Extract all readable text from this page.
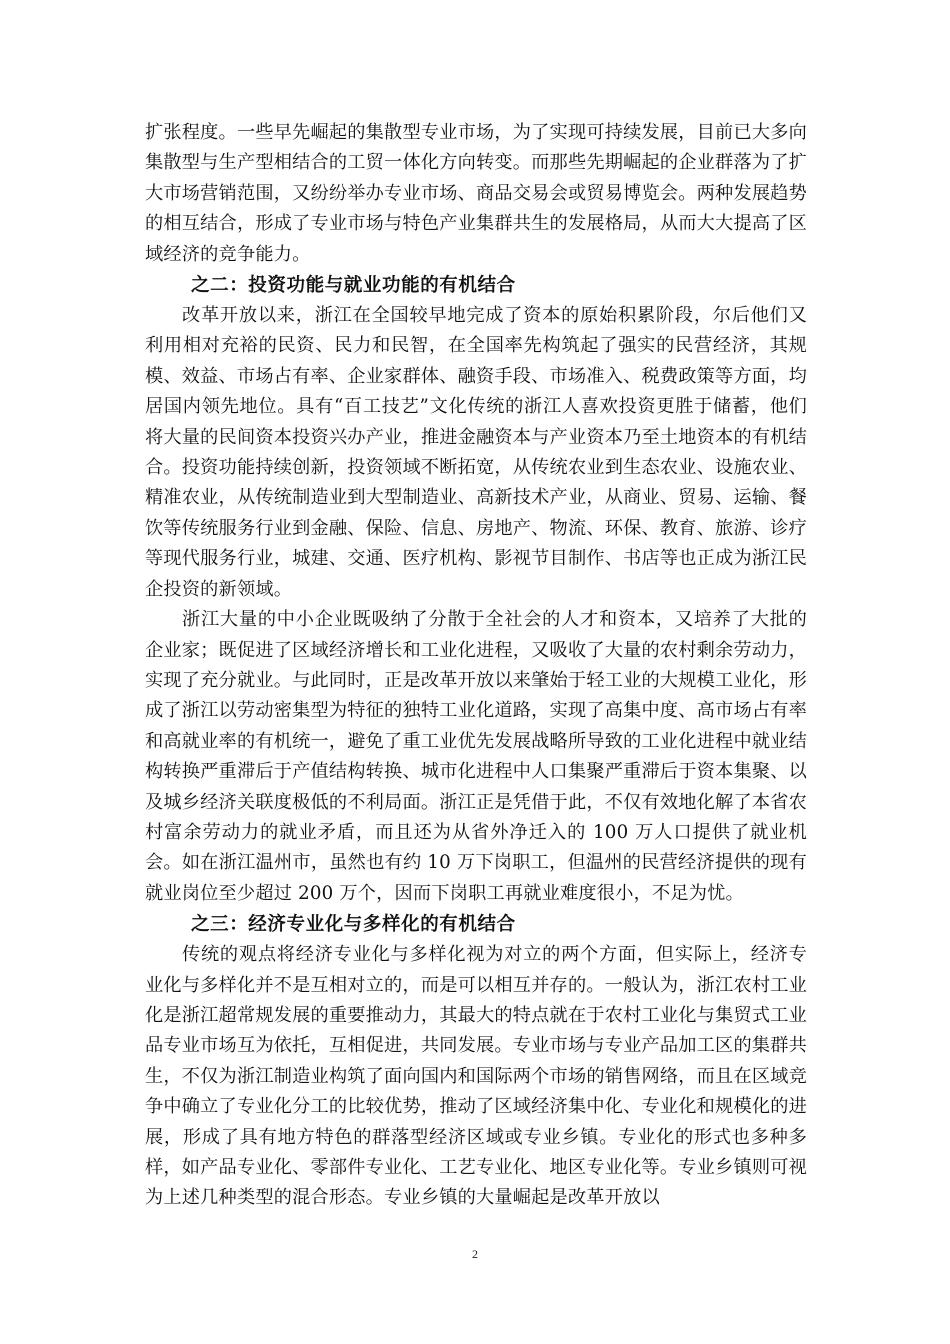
扩张程度。一些早先崛起的集散型专业市场，为了实现可持续发展，目前已大多向集散型与生产型相结合的工贸一体化方向转变。而那些先期崛起的企业群落为了扩大市场营销范围，又纷纷举办专业市场、商品交易会或贸易博览会。两种发展趋势的相互结合，形成了专业市场与特色产业集群共生的发展格局，从而大大提高了区域经济的竞争能力。

之二：投资功能与就业功能的有机结合

改革开放以来，浙江在全国较早地完成了资本的原始积累阶段，尔后他们又利用相对充裕的民资、民力和民智，在全国率先构筑起了强实的民营经济，其规模、效益、市场占有率、企业家群体、融资手段、市场准入、税费政策等方面，均居国内领先地位。具有“百工技艺”文化传统的浙江人喜欢投资更胜于储蓄，他们将大量的民间资本投资兴办产业，推进金融资本与产业资本乃至土地资本的有机结合。投资功能持续创新，投资领域不断拓宽，从传统农业到生态农业、设施农业、精准农业，从传统制造业到大型制造业、高新技术产业，从商业、贸易、运输、餐饮等传统服务行业到金融、保险、信息、房地产、物流、环保、教育、旅游、诊疗等现代服务行业，城建、交通、医疗机构、影视节目制作、书店等也正成为浙江民企投资的新领域。

浙江大量的中小企业既吸纳了分散于全社会的人才和资本，又培养了大批的企业家；既促进了区域经济增长和工业化进程，又吸收了大量的农村剩余劳动力，实现了充分就业。与此同时，正是改革开放以来肇始于轻工业的大规模工业化，形成了浙江以劳动密集型为特征的独特工业化道路，实现了高集中度、高市场占有率和高就业率的有机统一，避免了重工业优先发展战略所导致的工业化进程中就业结构转换严重滞后于产值结构转换、城市化进程中人口集聚严重滞后于资本集聚、以及城乡经济关联度极低的不利局面。浙江正是凭借于此，不仅有效地化解了本省农村富余劳动力的就业矛盾，而且还为从省外净迁入的 100 万人口提供了就业机会。如在浙江温州市，虽然也有约 10 万下岗职工，但温州的民营经济提供的现有就业岗位至少超过 200 万个，因而下岗职工再就业难度很小，不足为忧。

之三：经济专业化与多样化的有机结合

传统的观点将经济专业化与多样化视为对立的两个方面，但实际上，经济专业化与多样化并不是互相对立的，而是可以相互并存的。一般认为，浙江农村工业化是浙江超常规发展的重要推动力，其最大的特点就在于农村工业化与集贸式工业品专业市场互为依托，互相促进，共同发展。专业市场与专业产品加工区的集群共生，不仅为浙江制造业构筑了面向国内和国际两个市场的销售网络，而且在区域竞争中确立了专业化分工的比较优势，推动了区域经济集中化、专业化和规模化的进展，形成了具有地方特色的群落型经济区域或专业乡镇。专业化的形式也多种多样，如产品专业化、零部件专业化、工艺专业化、地区专业化等。专业乡镇则可视为上述几种类型的混合形态。专业乡镇的大量崛起是改革开放以

2
